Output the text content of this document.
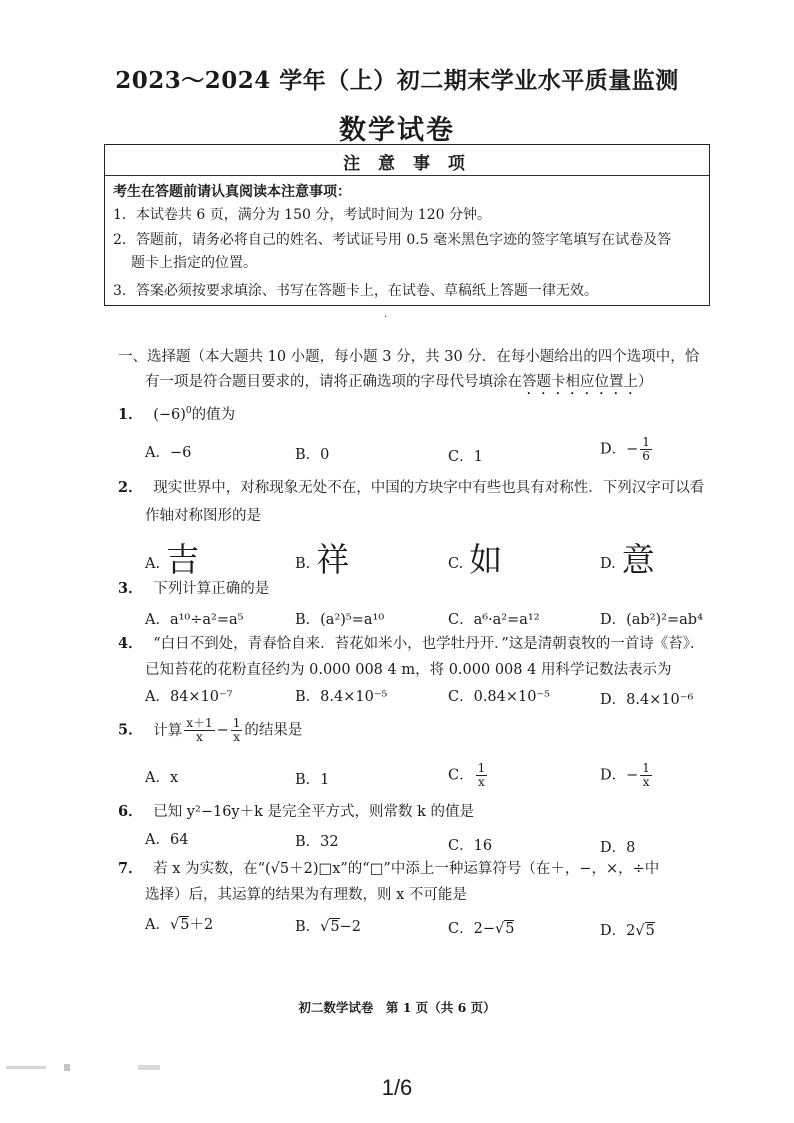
2023～2024 学年（上）初二期末学业水平质量监测
数学试卷
注 意 事 项
考生在答题前请认真阅读本注意事项：
1．本试卷共 6 页，满分为 150 分，考试时间为 120 分钟。
2．答题前，请务必将自己的姓名、考试证号用 0.5 毫米黑色字迹的签字笔填写在试卷及答
题卡上指定的位置。
3．答案必须按要求填涂、书写在答题卡上，在试卷、草稿纸上答题一律无效。
·
一、选择题（本大题共 10 小题，每小题 3 分，共 30 分．在每小题给出的四个选项中，恰
有一项是符合题目要求的，请将正确选项的字母代号填涂在答题卡相应位置上）
1． $(-6)^0$的值为
A．−6	B．0	C．1	D．− $\frac{1}{6}$
2． 现实世界中，对称现象无处不在，中国的方块字中有些也具有对称性．下列汉字可以看
作轴对称图形的是
A. 吉	B. 祥	C. 如	D. 意
3． 下列计算正确的是
A．a¹⁰÷a²=a⁵	B．(a²)⁵=a¹⁰	C．a⁶·a²=a¹²	D．(ab²)²=ab⁴
4． “白日不到处，青春恰自来．苔花如米小，也学牡丹开．”这是清朝袁牧的一首诗《苔》．
已知苔花的花粉直径约为 0.000 008 4 m，将 0.000 008 4 用科学记数法表示为
A．84×10⁻⁷	B．8.4×10⁻⁵	C．0.84×10⁻⁵	D．8.4×10⁻⁶
5． 计算 $\frac{x+1}{x} - \frac{1}{x}$ 的结果是
A．x	B．1	C． $\frac{1}{x}$	D．− $\frac{1}{x}$
6． 已知 y²−16y＋k 是完全平方式，则常数 k 的值是
A．64	B．32	C．16	D．8
7． 若 x 为实数，在“(√5＋2)□x”的“□”中添上一种运算符号（在＋，−，×，÷中
选择）后，其运算的结果为有理数，则 x 不可能是
A．√5＋2	B．√5−2	C．2−√5	D．2√5
初二数学试卷　第 1 页（共 6 页）
1/6
